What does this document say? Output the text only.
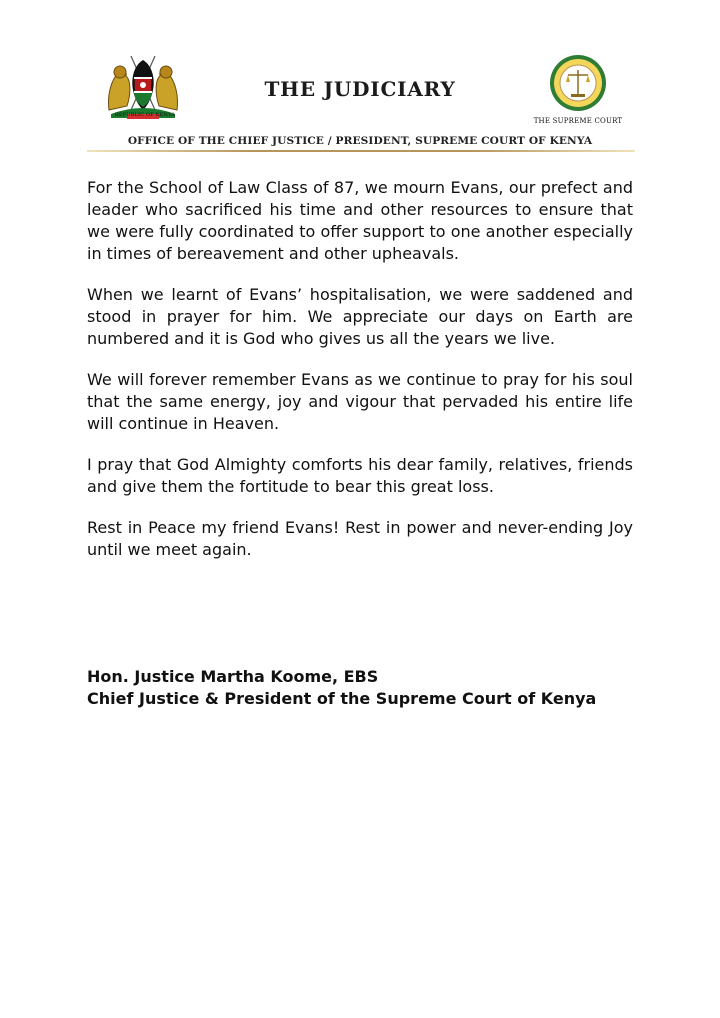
REPUBLIC OF KENYA
THE JUDICIARY
THE SUPREME COURT
OFFICE OF THE CHIEF JUSTICE / PRESIDENT, SUPREME COURT OF KENYA

For the School of Law Class of 87, we mourn Evans, our prefect and leader who sacrificed his time and other resources to ensure that we were fully coordinated to offer support to one another especially in times of bereavement and other upheavals.

When we learnt of Evans’ hospitalisation, we were saddened and stood in prayer for him. We appreciate our days on Earth are numbered and it is God who gives us all the years we live.

We will forever remember Evans as we continue to pray for his soul that the same energy, joy and vigour that pervaded his entire life will continue in Heaven.

I pray that God Almighty comforts his dear family, relatives, friends and give them the fortitude to bear this great loss.

Rest in Peace my friend Evans! Rest in power and never-ending Joy until we meet again.

Hon. Justice Martha Koome, EBS
Chief Justice & President of the Supreme Court of Kenya
